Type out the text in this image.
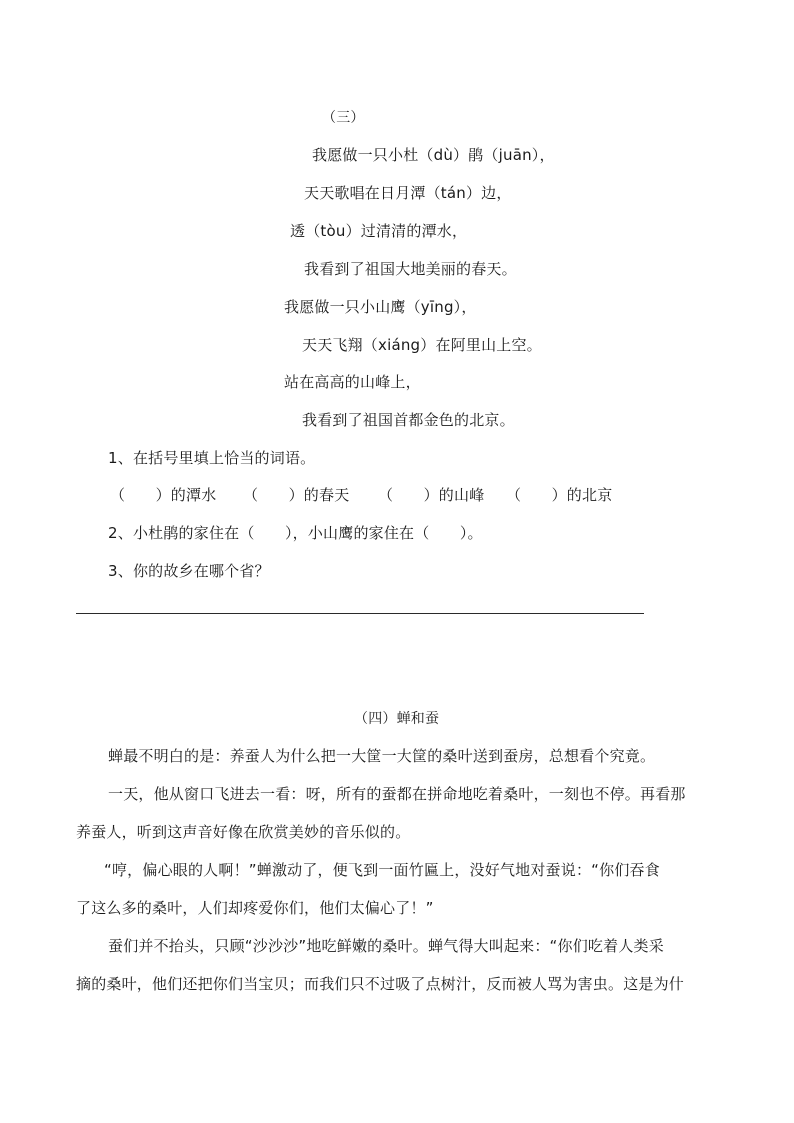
（三）
我愿做一只小杜（dù）鹃（juān），
天天歌唱在日月潭（tán）边，
透（tòu）过清清的潭水，
我看到了祖国大地美丽的春天。
我愿做一只小山鹰（yīng），
天天飞翔（xiáng）在阿里山上空。
站在高高的山峰上，
我看到了祖国首都金色的北京。
1、在括号里填上恰当的词语。
（　　）的潭水 （　　）的春天 （　　）的山峰 （　　）的北京
2、小杜鹃的家住在（　　），小山鹰的家住在（　　）。
3、你的故乡在哪个省？
（四）蝉和蚕
蝉最不明白的是：养蚕人为什么把一大筐一大筐的桑叶送到蚕房，总想看个究竟。
一天，他从窗口飞进去一看：呀，所有的蚕都在拼命地吃着桑叶，一刻也不停。再看那
养蚕人，听到这声音好像在欣赏美妙的音乐似的。
“哼，偏心眼的人啊！”蝉激动了，便飞到一面竹匾上，没好气地对蚕说：“你们吞食
了这么多的桑叶，人们却疼爱你们，他们太偏心了！”
蚕们并不抬头，只顾“沙沙沙”地吃鲜嫩的桑叶。蝉气得大叫起来：“你们吃着人类采
摘的桑叶，他们还把你们当宝贝；而我们只不过吸了点树汁，反而被人骂为害虫。这是为什
